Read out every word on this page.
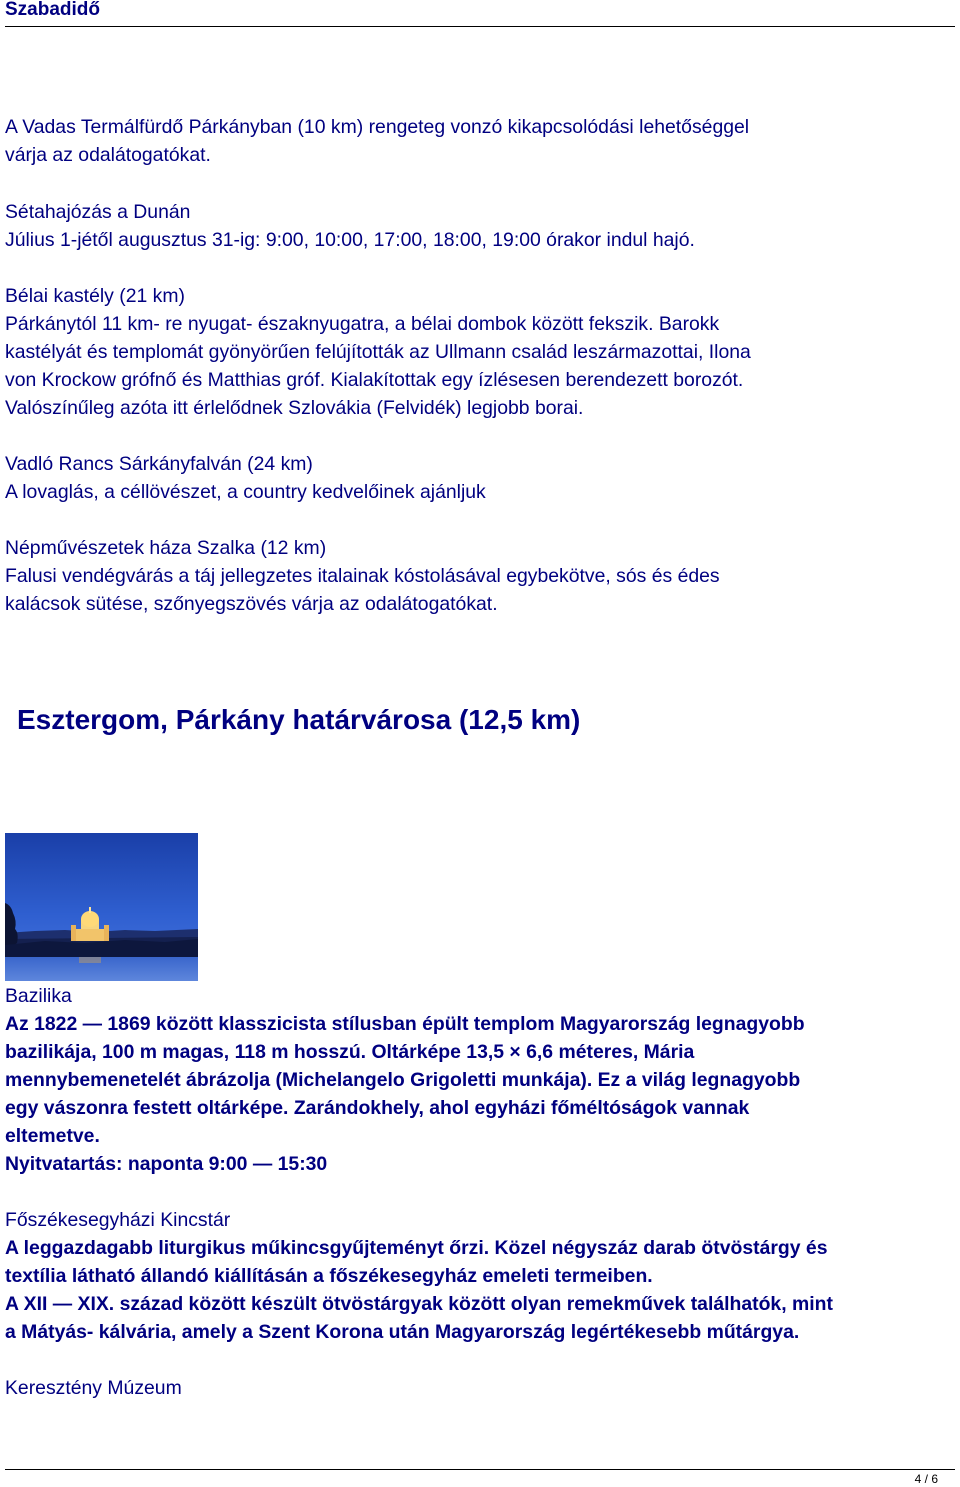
Szabadidő
A Vadas Termálfürdő Párkányban (10 km) rengeteg vonzó kikapcsolódási lehetőséggel
várja az odalátogatókat.
Sétahajózás a Dunán
Július 1-jétől augusztus 31-ig: 9:00, 10:00, 17:00, 18:00, 19:00 órakor indul hajó.
Bélai kastély (21 km)
Párkánytól 11 km- re nyugat- északnyugatra, a bélai dombok között fekszik. Barokk
kastélyát és templomát gyönyörűen felújították az Ullmann család leszármazottai, Ilona
von Krockow grófnő és Matthias gróf. Kialakítottak egy ízlésesen berendezett borozót.
Valószínűleg azóta itt érlelődnek Szlovákia (Felvidék) legjobb borai.
Vadló Rancs Sárkányfalván (24 km)
A lovaglás, a céllövészet, a country kedvelőinek ajánljuk
Népművészetek háza Szalka (12 km)
Falusi vendégvárás a táj jellegzetes italainak kóstolásával egybekötve, sós és édes
kalácsok sütése, szőnyegszövés várja az odalátogatókat.
Esztergom, Párkány határvárosa (12,5 km)
Bazilika
Az 1822 — 1869 között klasszicista stílusban épült templom Magyarország legnagyobb
bazilikája, 100 m magas, 118 m hosszú. Oltárképe 13,5 × 6,6 méteres, Mária
mennybemenetelét ábrázolja (Michelangelo Grigoletti munkája). Ez a világ legnagyobb
egy vászonra festett oltárképe. Zarándokhely, ahol egyházi főméltóságok vannak
eltemetve.
Nyitvatartás: naponta 9:00 — 15:30
Főszékesegyházi Kincstár
A leggazdagabb liturgikus műkincsgyűjteményt őrzi. Közel négyszáz darab ötvöstárgy és
textília látható állandó kiállításán a főszékesegyház emeleti termeiben.
A XII — XIX. század között készült ötvöstárgyak között olyan remekművek találhatók, mint
a Mátyás- kálvária, amely a Szent Korona után Magyarország legértékesebb műtárgya.
Keresztény Múzeum
4 / 6
